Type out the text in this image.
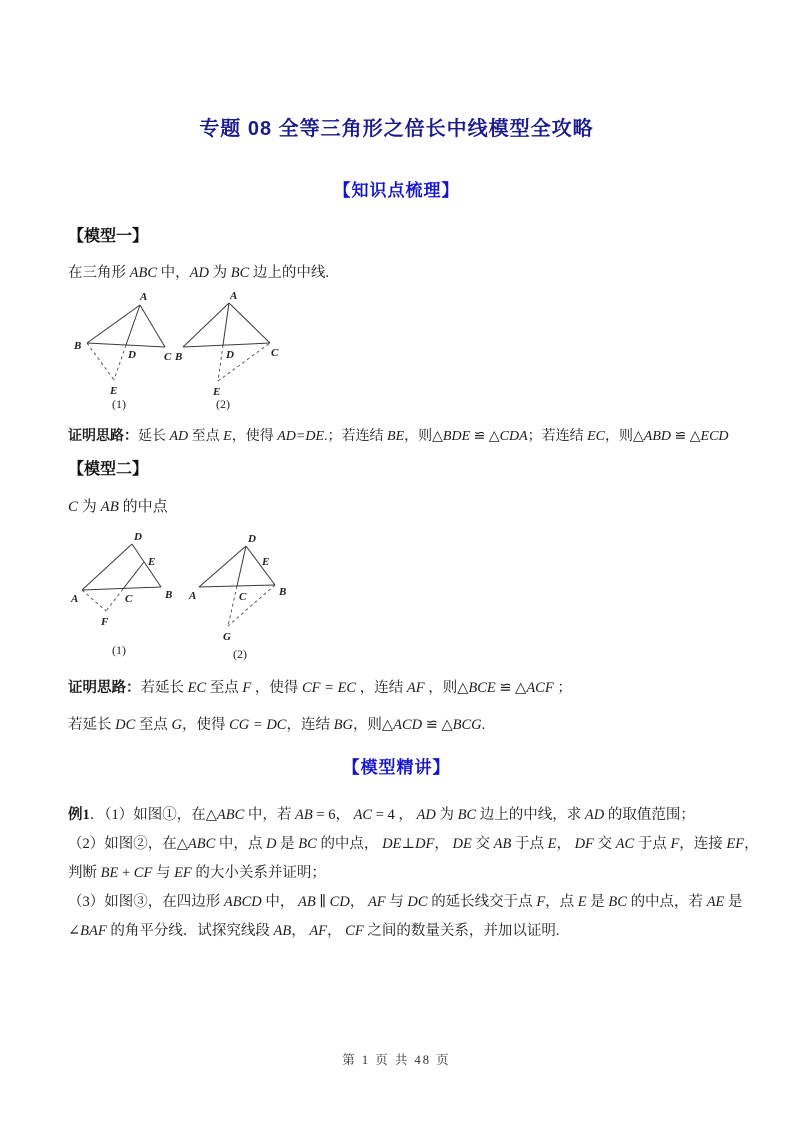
专题 08 全等三角形之倍长中线模型全攻略
【知识点梳理】
【模型一】
在三角形 ABC 中，AD 为 BC 边上的中线.
A
B
C
D
E
(1)
A
B	C
D
E
(2)
证明思路：延长 AD 至点 E，使得 AD=DE.；若连结 BE，则△BDE ≌ △CDA；若连结 EC，则△ABD ≌ △ECD
【模型二】
C 为 AB 的中点
D
E
A	B
C
F
(1)
D
E
A	B
C
G
(2)
证明思路：若延长 EC 至点 F ，使得 CF = EC ，连结 AF ，则△BCE ≌ △ACF ；
若延长 DC 至点 G，使得 CG = DC，连结 BG，则△ACD ≌ △BCG.
【模型精讲】
例1．（1）如图①，在△ABC 中，若 AB = 6， AC = 4 ， AD 为 BC 边上的中线，求 AD 的取值范围；
（2）如图②，在△ABC 中，点 D 是 BC 的中点， DE⊥DF， DE 交 AB 于点 E， DF 交 AC 于点 F，连接 EF，
判断 BE + CF 与 EF 的大小关系并证明；
（3）如图③，在四边形 ABCD 中， AB ∥ CD， AF 与 DC 的延长线交于点 F，点 E 是 BC 的中点，若 AE 是
∠BAF 的角平分线．试探究线段 AB， AF， CF 之间的数量关系，并加以证明.
第 1 页 共 48 页
